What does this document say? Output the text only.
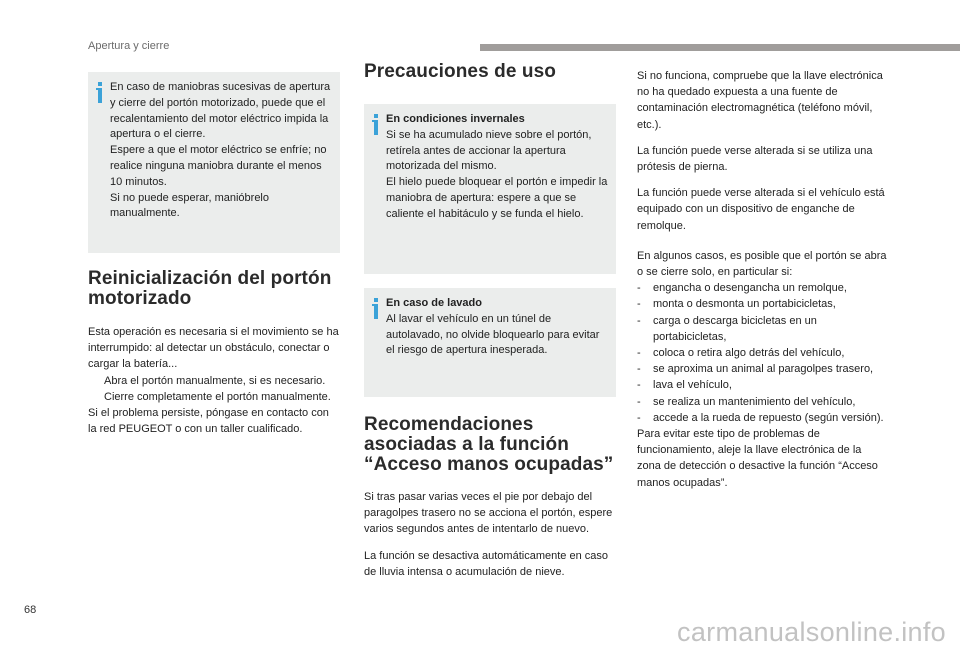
Apertura y cierre

En caso de maniobras sucesivas de apertura y cierre del portón motorizado, puede que el recalentamiento del motor eléctrico impida la apertura o el cierre.
Espere a que el motor eléctrico se enfríe; no realice ninguna maniobra durante el menos 10 minutos.
Si no puede esperar, manióbrelo manualmente.

Reinicialización del portón motorizado
Esta operación es necesaria si el movimiento se ha interrumpido: al detectar un obstáculo, conectar o cargar la batería...
Abra el portón manualmente, si es necesario.
Cierre completamente el portón manualmente.
Si el problema persiste, póngase en contacto con la red PEUGEOT o con un taller cualificado.
Precauciones de uso
En condiciones invernales

Si se ha acumulado nieve sobre el portón, retírela antes de accionar la apertura motorizada del mismo.
El hielo puede bloquear el portón e impedir la maniobra de apertura: espere a que se caliente el habitáculo y se funda el hielo.

En caso de lavado

Al lavar el vehículo en un túnel de autolavado, no olvide bloquearlo para evitar el riesgo de apertura inesperada.

Recomendaciones asociadas a la función “Acceso manos ocupadas”

Si tras pasar varias veces el pie por debajo del paragolpes trasero no se acciona el portón, espere varios segundos antes de intentarlo de nuevo.

La función se desactiva automáticamente en caso de lluvia intensa o acumulación de nieve.

Si no funciona, compruebe que la llave electrónica no ha quedado expuesta a una fuente de contaminación electromagnética (teléfono móvil, etc.).

La función puede verse alterada si se utiliza una prótesis de pierna.

La función puede verse alterada si el vehículo está equipado con un dispositivo de enganche de remolque.

En algunos casos, es posible que el portón se abra o se cierre solo, en particular si:
- engancha o desengancha un remolque,
- monta o desmonta un portabicicletas,
- carga o descarga bicicletas en un portabicicletas,
- coloca o retira algo detrás del vehículo,
- se aproxima un animal al paragolpes trasero,
- lava el vehículo,
- se realiza un mantenimiento del vehículo,
- accede a la rueda de repuesto (según versión).
Para evitar este tipo de problemas de funcionamiento, aleje la llave electrónica de la zona de detección o desactive la función “Acceso manos ocupadas”.
68
carmanualsonline.info
